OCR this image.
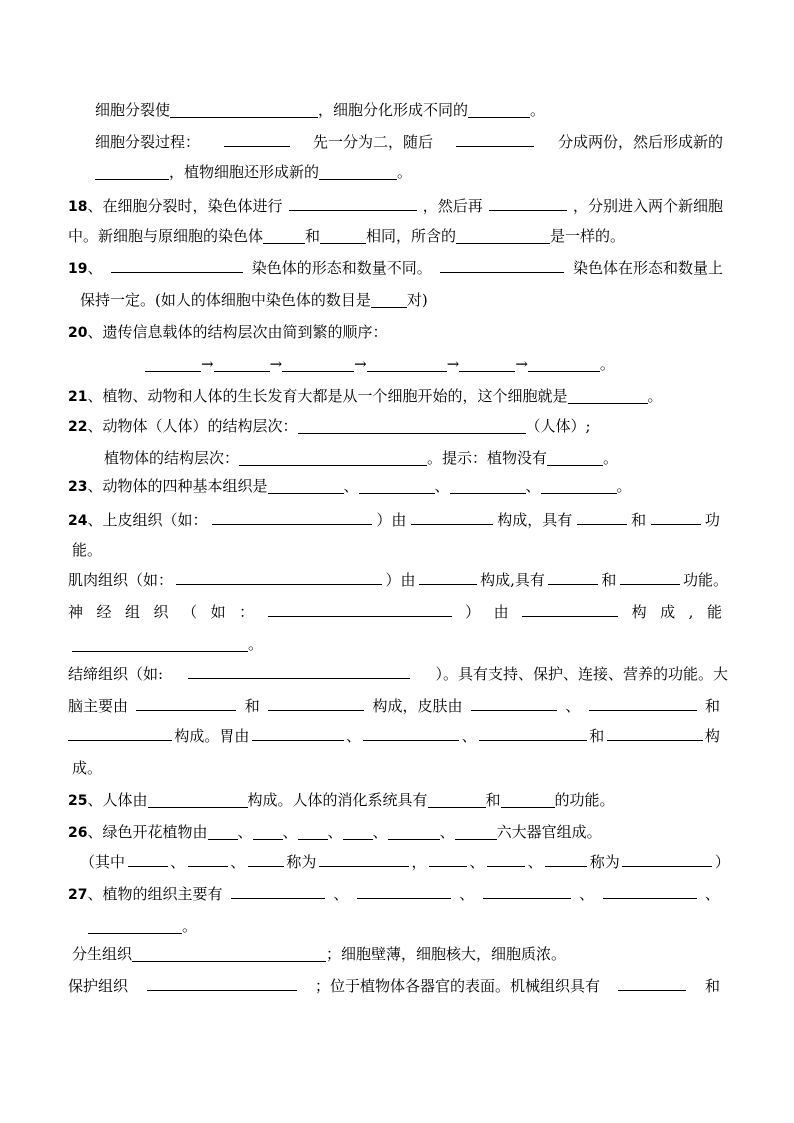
细胞分裂使	，细胞分化形成不同的	。
细胞分裂过程：	先一分为二，随后	分成两份，然后形成新的
，植物细胞还形成新的	。
18、在细胞分裂时，染色体进行	，然后再	，分别进入两个新细胞
中。新细胞与原细胞的染色体	和	相同，所含的	是一样的。
19、	染色体的形态和数量不同。	染色体在形态和数量上
保持一定。(如人的体细胞中染色体的数目是 对)
20、遗传信息载体的结构层次由简到繁的顺序：
→	→	→	→	→	。
21、植物、动物和人体的生长发育大都是从一个细胞开始的，这个细胞就是	。
22、动物体（人体）的结构层次：	（人体）;
植物体的结构层次：	。提示：植物没有	。
23、动物体的四种基本组织是	、	、	、	。
24、上皮组织（如：	）由	构成，具有	和	功
能。
肌肉组织（如：	）由	构成,具有	和	功能。
神 经 组 织 （ 如 ：	） 由	构 成 , 能
。
结缔组织（如:	）。具有支持、保护、连接、营养的功能。大
脑主要由	和	构成，皮肤由	、	和
构成。胃由	、	、	和	构
成。
25、人体由	构成。人体的消化系统具有	和	的功能。
26、绿色开花植物由 、 、 、 、	、	六大器官组成。
（其中	、	、	称为	，	、	、	称为	）
27、植物的组织主要有	、	、	、	、
。
分生组织	；细胞壁薄，细胞核大，细胞质浓。
保护组织	；位于植物体各器官的表面。机械组织具有	和
